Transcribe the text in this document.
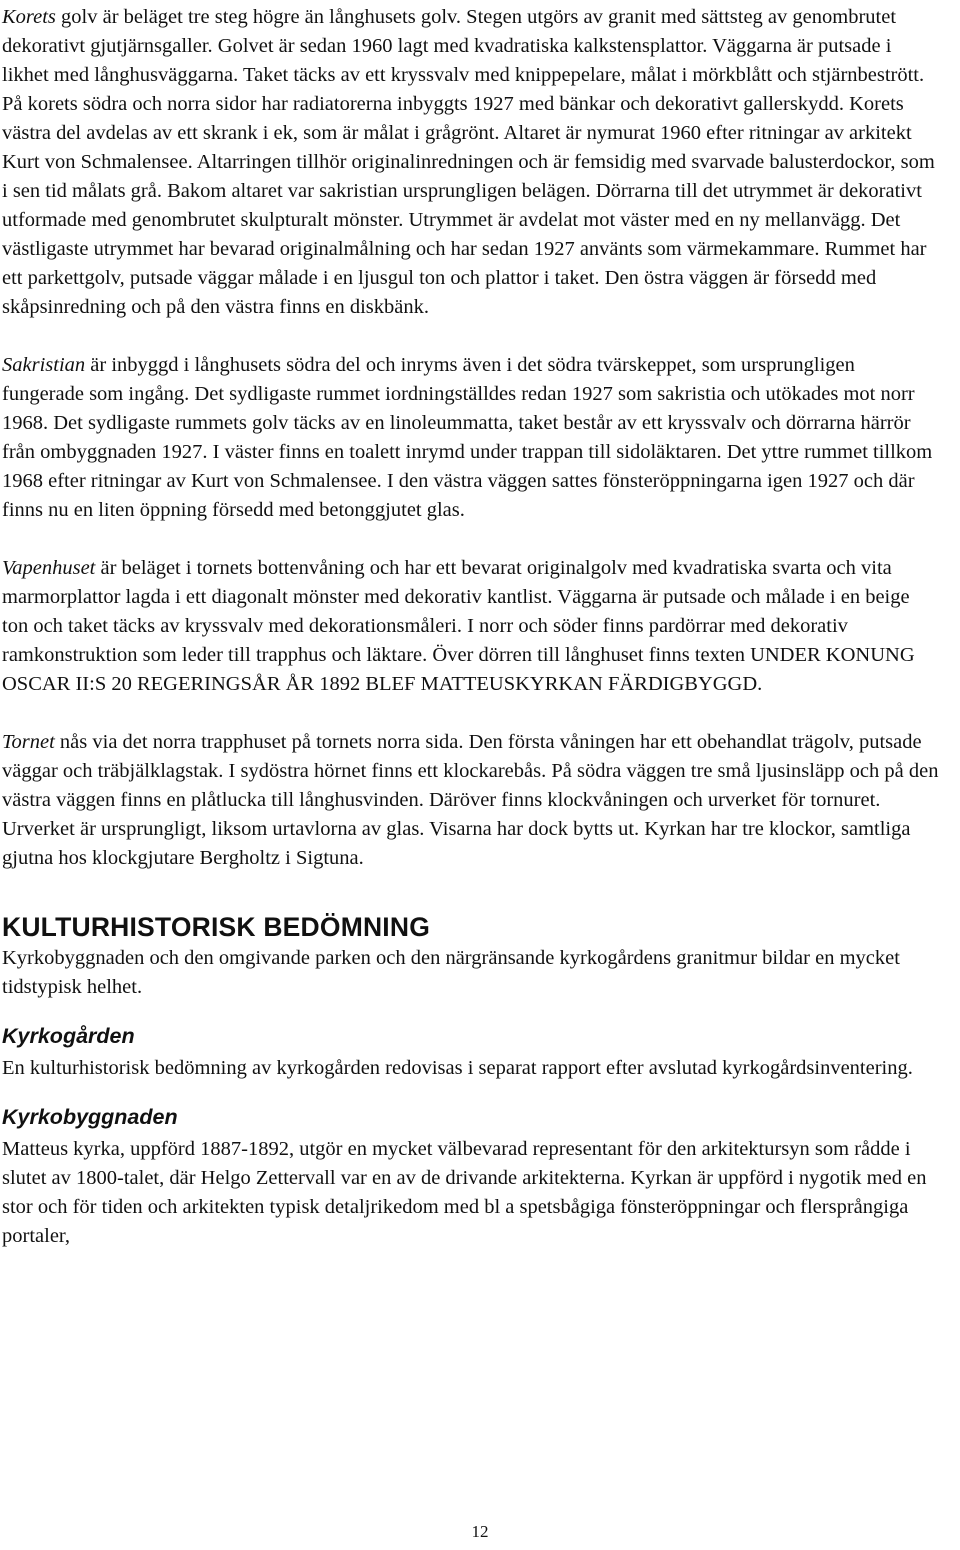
Korets golv är beläget tre steg högre än långhusets golv. Stegen utgörs av granit med sättsteg av genombrutet dekorativt gjutjärnsgaller. Golvet är sedan 1960 lagt med kvadratiska kalkstensplattor. Väggarna är putsade i likhet med långhusväggarna. Taket täcks av ett kryssvalv med knippepelare, målat i mörkblått och stjärnbestrött. På korets södra och norra sidor har radiatorerna inbyggts 1927 med bänkar och dekorativt gallerskydd. Korets västra del avdelas av ett skrank i ek, som är målat i grågrönt. Altaret är nymurat 1960 efter ritningar av arkitekt Kurt von Schmalensee. Altarringen tillhör originalinredningen och är femsidig med svarvade balusterdockor, som i sen tid målats grå. Bakom altaret var sakristian ursprungligen belägen. Dörrarna till det utrymmet är dekorativt utformade med genombrutet skulpturalt mönster. Utrymmet är avdelat mot väster med en ny mellanvägg. Det västligaste utrymmet har bevarad originalmålning och har sedan 1927 använts som värmekammare. Rummet har ett parkettgolv, putsade väggar målade i en ljusgul ton och plattor i taket. Den östra väggen är försedd med skåpsinredning och på den västra finns en diskbänk.

Sakristian är inbyggd i långhusets södra del och inryms även i det södra tvärskeppet, som ursprungligen fungerade som ingång. Det sydligaste rummet iordningställdes redan 1927 som sakristia och utökades mot norr 1968. Det sydligaste rummets golv täcks av en linoleummatta, taket består av ett kryssvalv och dörrarna härrör från ombyggnaden 1927. I väster finns en toalett inrymd under trappan till sidoläktaren. Det yttre rummet tillkom 1968 efter ritningar av Kurt von Schmalensee. I den västra väggen sattes fönsteröppningarna igen 1927 och där finns nu en liten öppning försedd med betonggjutet glas.

Vapenhuset är beläget i tornets bottenvåning och har ett bevarat originalgolv med kvadratiska svarta och vita marmorplattor lagda i ett diagonalt mönster med dekorativ kantlist. Väggarna är putsade och målade i en beige ton och taket täcks av kryssvalv med dekorationsmåleri. I norr och söder finns pardörrar med dekorativ ramkonstruktion som leder till trapphus och läktare. Över dörren till långhuset finns texten UNDER KONUNG OSCAR II:S 20 REGERINGSÅR ÅR 1892 BLEF MATTEUSKYRKAN FÄRDIGBYGGD.

Tornet nås via det norra trapphuset på tornets norra sida. Den första våningen har ett obehandlat trägolv, putsade väggar och träbjälklagstak. I sydöstra hörnet finns ett klockarebås. På södra väggen tre små ljusinsläpp och på den västra väggen finns en plåtlucka till långhusvinden. Däröver finns klockvåningen och urverket för tornuret. Urverket är ursprungligt, liksom urtavlorna av glas. Visarna har dock bytts ut. Kyrkan har tre klockor, samtliga gjutna hos klockgjutare Bergholtz i Sigtuna.

KULTURHISTORISK BEDÖMNING

Kyrkobyggnaden och den omgivande parken och den närgränsande kyrkogårdens granitmur bildar en mycket tidstypisk helhet.

Kyrkogården

En kulturhistorisk bedömning av kyrkogården redovisas i separat rapport efter avslutad kyrkogårdsinventering.

Kyrkobyggnaden

Matteus kyrka, uppförd 1887-1892, utgör en mycket välbevarad representant för den arkitektursyn som rådde i slutet av 1800-talet, där Helgo Zettervall var en av de drivande arkitekterna. Kyrkan är uppförd i nygotik med en stor och för tiden och arkitekten typisk detaljrikedom med bl a spetsbågiga fönsteröppningar och flersprångiga portaler,

12
